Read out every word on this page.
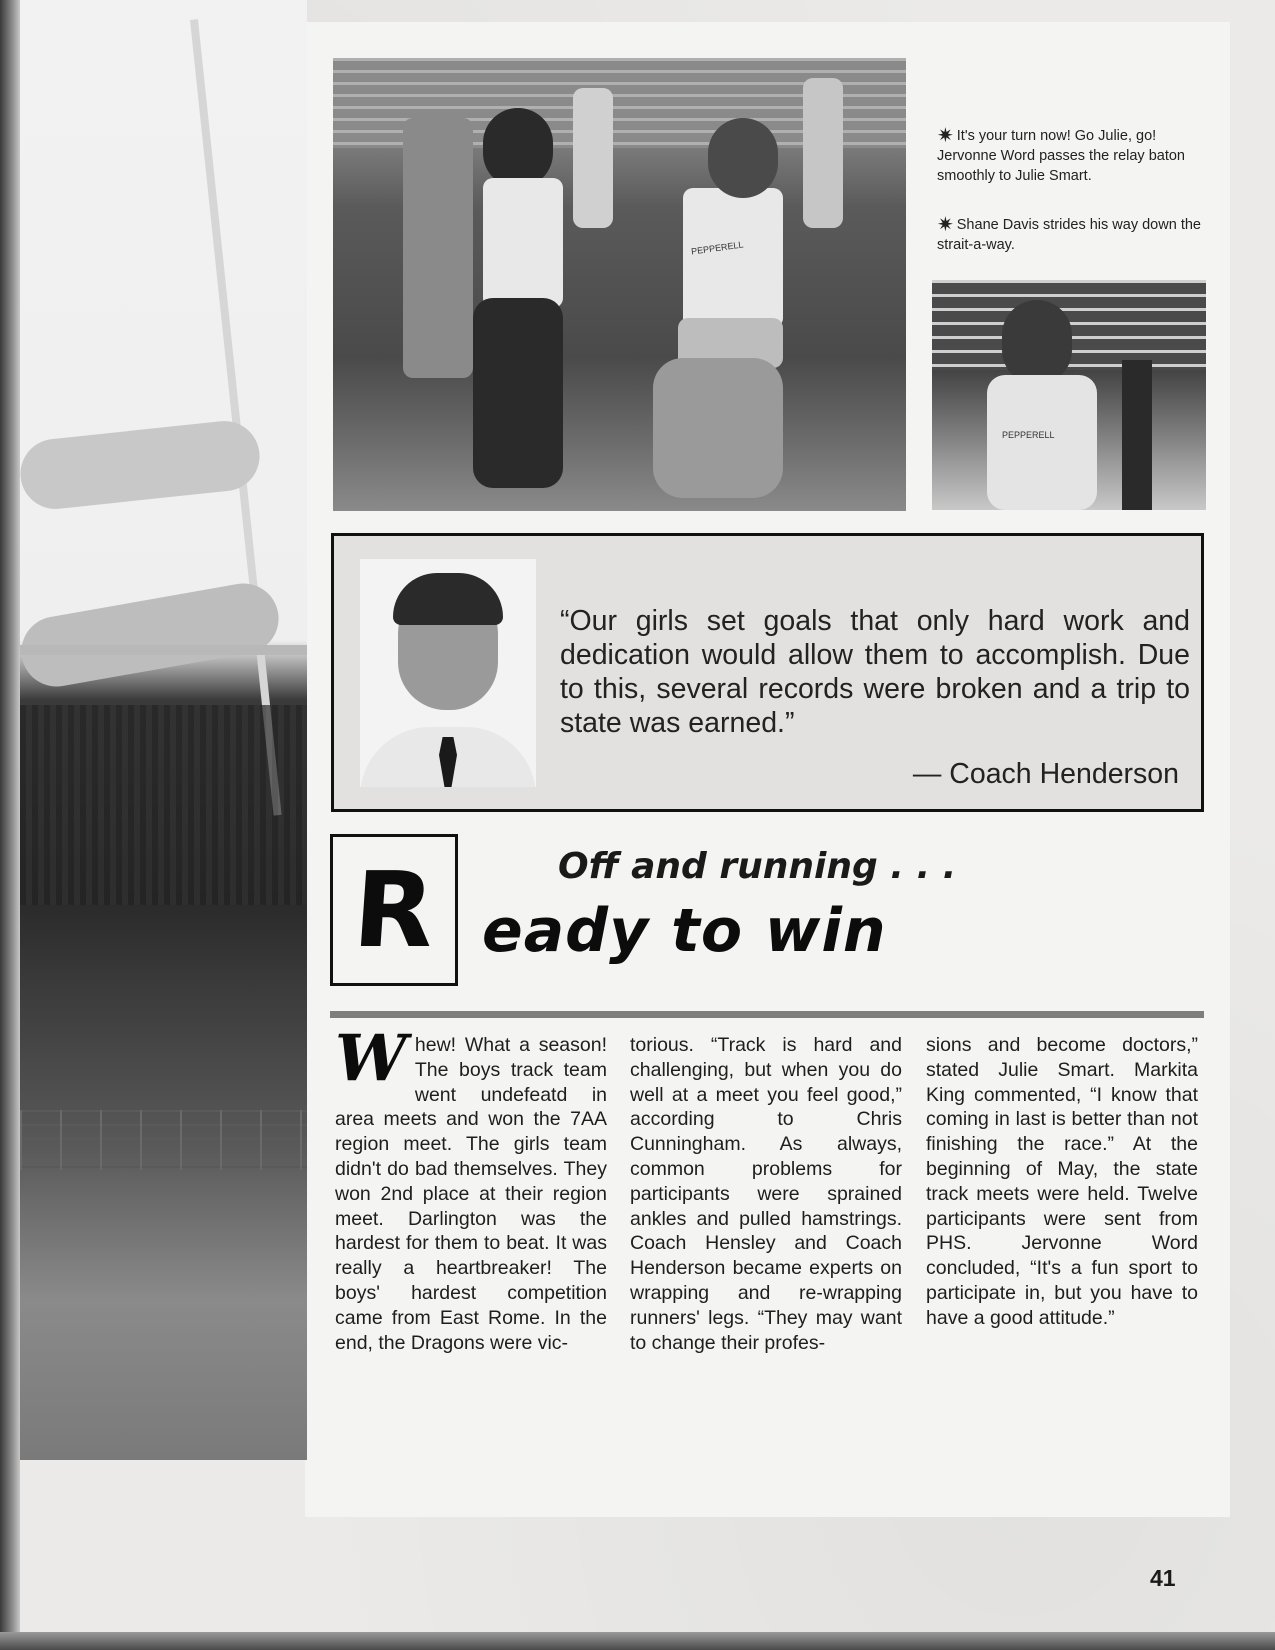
PEPPERELL
✷ It's your turn now! Go Julie, go! Jervonne Word passes the relay baton smoothly to Julie Smart.
✷ Shane Davis strides his way down the strait-a-way.
PEPPERELL
“Our girls set goals that only hard work and dedication would allow them to accomplish. Due to this, several records were broken and a trip to state was earned.”
— Coach Henderson
R	Off and running . . .
eady to win
Whew! What a season! The boys track team went undefeatd in area meets and won the 7AA region meet. The girls team didn't do bad themselves. They won 2nd place at their region meet. Darlington was the hardest for them to beat. It was really a heartbreaker! The boys' hardest competition came from East Rome. In the end, the Dragons were vic-
torious. “Track is hard and challenging, but when you do well at a meet you feel good,” according to Chris Cunningham. As always, common problems for participants were sprained ankles and pulled hamstrings. Coach Hensley and Coach Henderson became experts on wrapping and re-wrapping runners' legs. “They may want to change their profes-
sions and become doctors,” stated Julie Smart. Markita King commented, “I know that coming in last is better than not finishing the race.” At the beginning of May, the state track meets were held. Twelve participants were sent from PHS. Jervonne Word concluded, “It's a fun sport to participate in, but you have to have a good attitude.”
41
